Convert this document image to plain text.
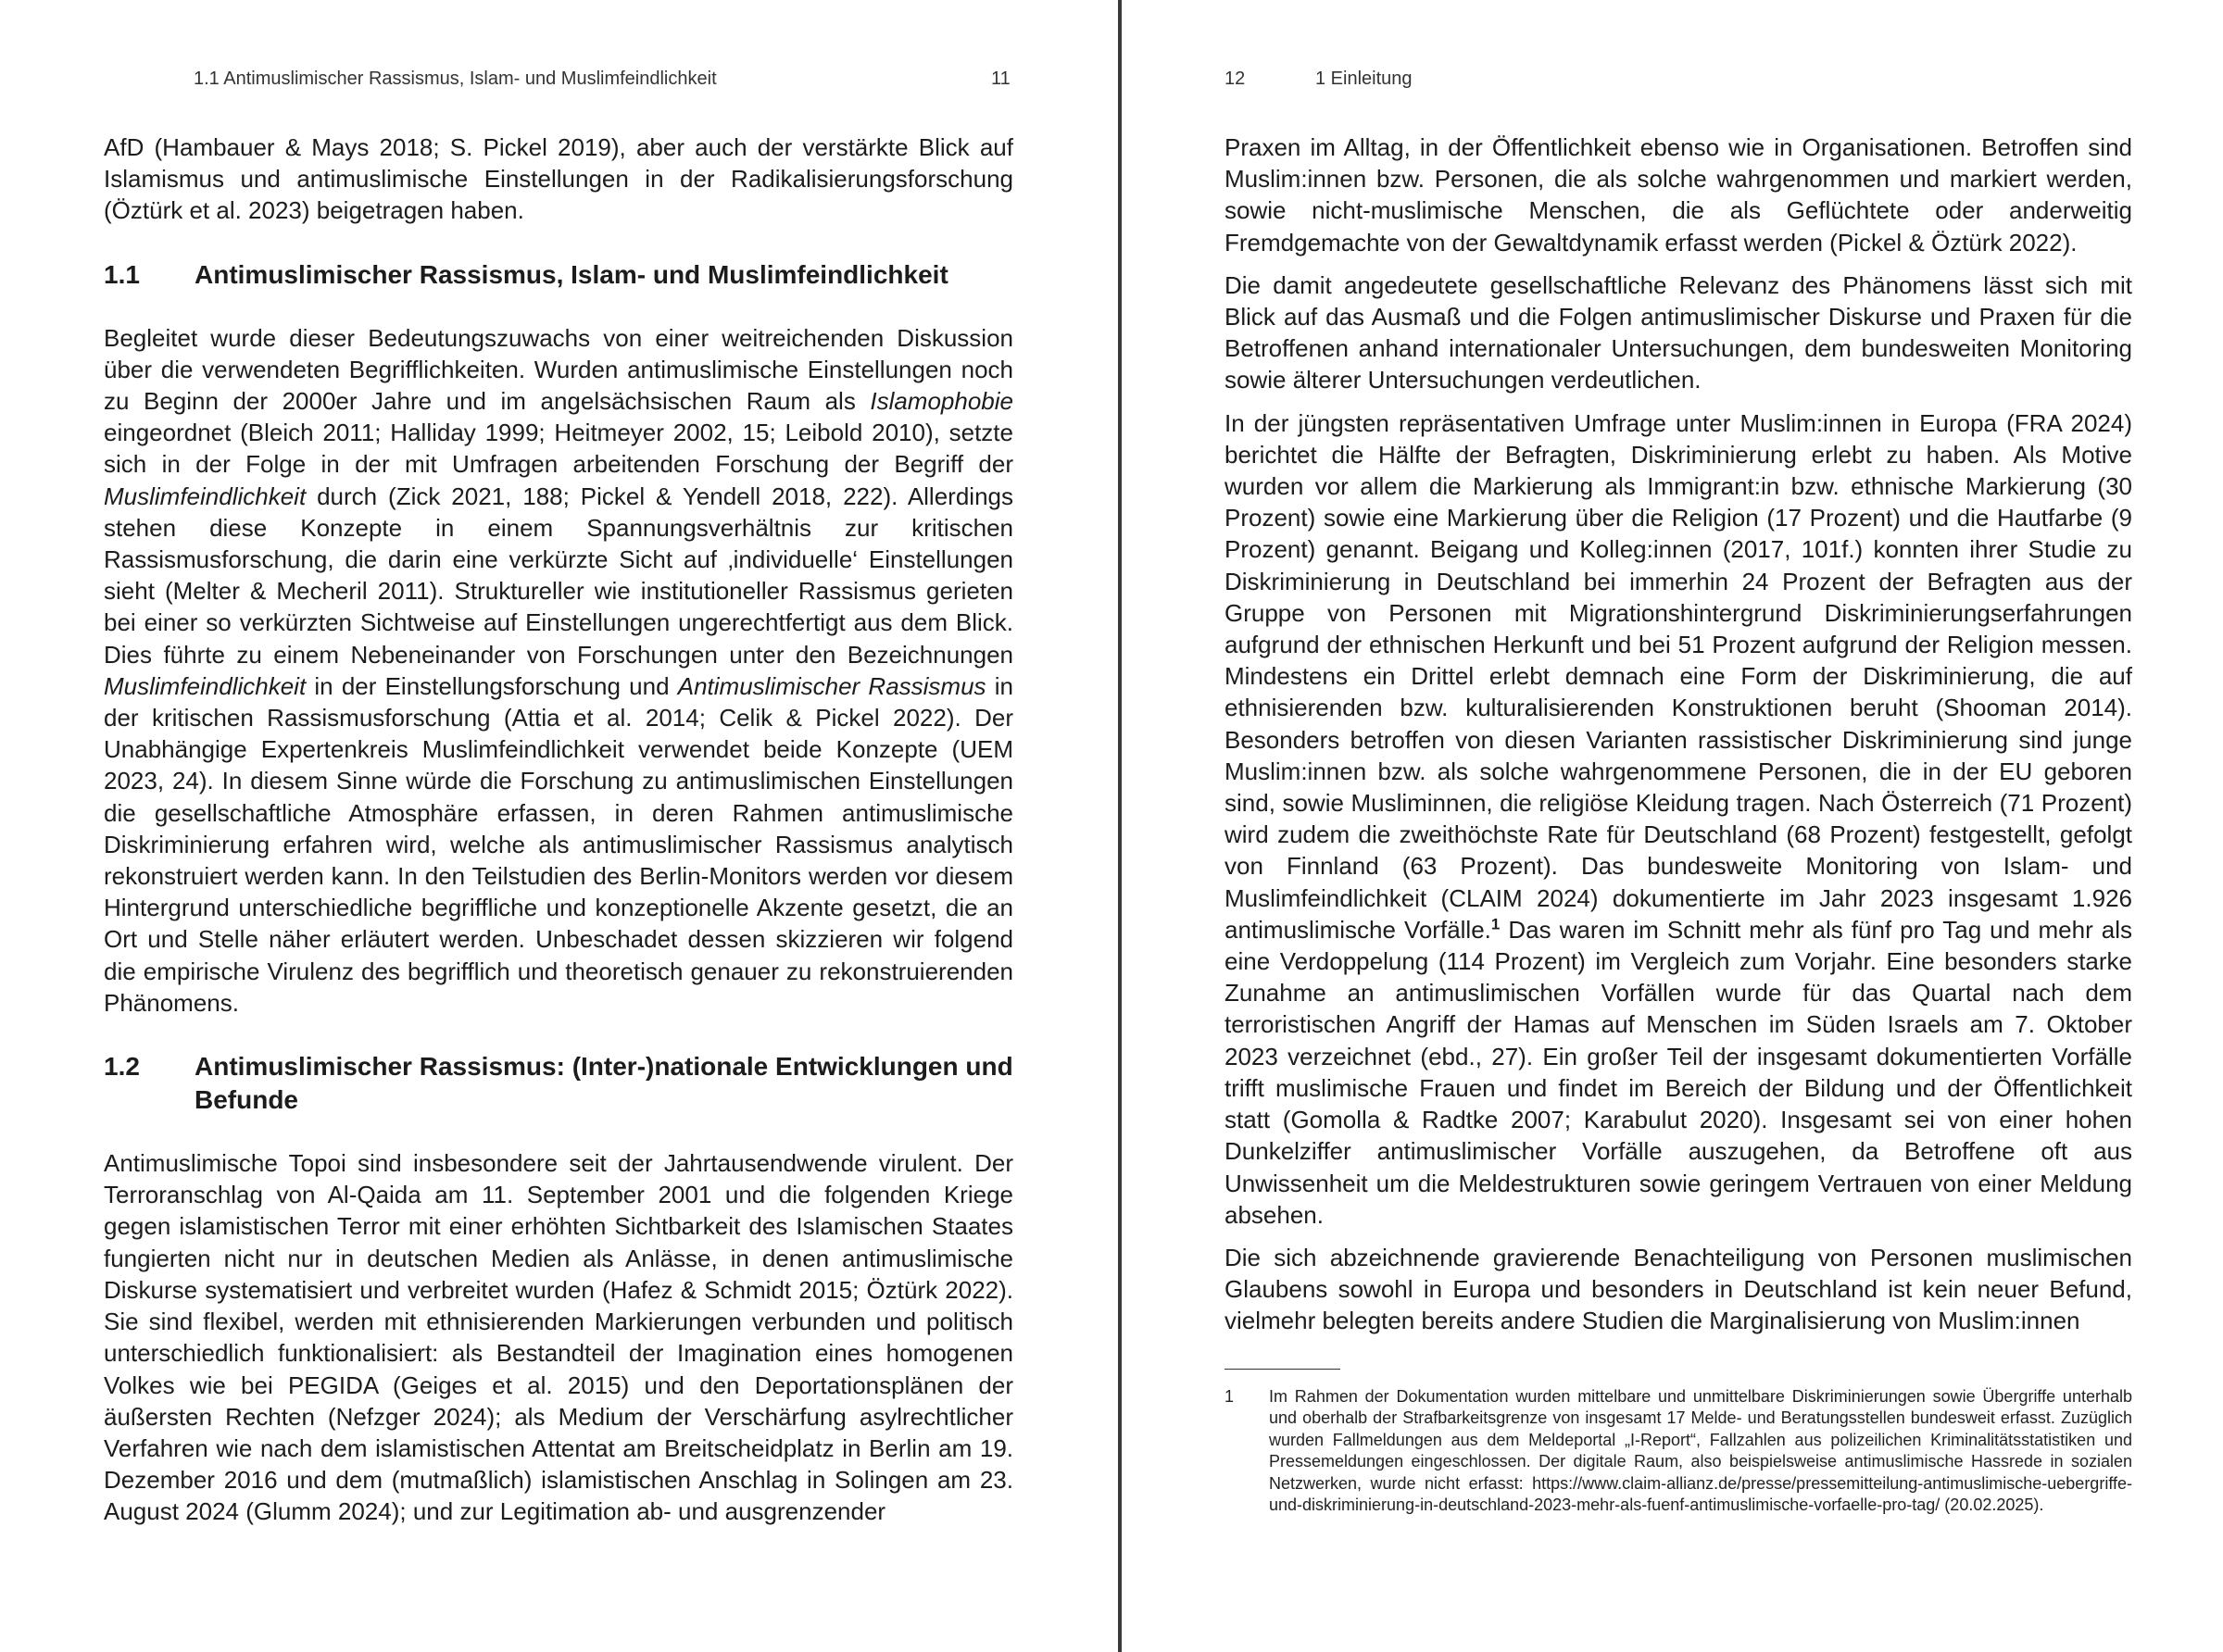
1.1 Antimuslimischer Rassismus, Islam- und Muslimfeindlichkeit	11

AfD (Hambauer & Mays 2018; S. Pickel 2019), aber auch der verstärkte Blick auf Islamismus und antimuslimische Einstellungen in der Radikalisierungsforschung (Öztürk et al. 2023) beigetragen haben.

1.1	Antimuslimischer Rassismus, Islam- und Muslimfeindlichkeit

Begleitet wurde dieser Bedeutungszuwachs von einer weitreichenden Diskussion über die verwendeten Begrifflichkeiten. Wurden antimuslimische Einstellungen noch zu Beginn der 2000er Jahre und im angelsächsischen Raum als Islamophobie eingeordnet (Bleich 2011; Halliday 1999; Heitmeyer 2002, 15; Leibold 2010), setzte sich in der Folge in der mit Umfragen arbeitenden Forschung der Begriff der Muslimfeindlichkeit durch (Zick 2021, 188; Pickel & Yendell 2018, 222). Allerdings stehen diese Konzepte in einem Spannungsverhältnis zur kritischen Rassismusforschung, die darin eine verkürzte Sicht auf ‚individuelle‘ Einstellungen sieht (Melter & Mecheril 2011). Struktureller wie institutioneller Rassismus gerieten bei einer so verkürzten Sichtweise auf Einstellungen ungerechtfertigt aus dem Blick. Dies führte zu einem Nebeneinander von Forschungen unter den Bezeichnungen Muslimfeindlichkeit in der Einstellungsforschung und Antimuslimischer Rassismus in der kritischen Rassismusforschung (Attia et al. 2014; Celik & Pickel 2022). Der Unabhängige Expertenkreis Muslimfeindlichkeit verwendet beide Konzepte (UEM 2023, 24). In diesem Sinne würde die Forschung zu antimuslimischen Einstellungen die gesellschaftliche Atmosphäre erfassen, in deren Rahmen antimuslimische Diskriminierung erfahren wird, welche als antimuslimischer Rassismus analytisch rekonstruiert werden kann. In den Teilstudien des Berlin-Monitors werden vor diesem Hintergrund unterschiedliche begriffliche und konzeptionelle Akzente gesetzt, die an Ort und Stelle näher erläutert werden. Unbeschadet dessen skizzieren wir folgend die empirische Virulenz des begrifflich und theoretisch genauer zu rekonstruierenden Phänomens.

1.2	Antimuslimischer Rassismus: (Inter-)nationale Entwicklungen und Befunde

Antimuslimische Topoi sind insbesondere seit der Jahrtausendwende virulent. Der Terroranschlag von Al-Qaida am 11. September 2001 und die folgenden Kriege gegen islamistischen Terror mit einer erhöhten Sichtbarkeit des Islamischen Staates fungierten nicht nur in deutschen Medien als Anlässe, in denen antimuslimische Diskurse systematisiert und verbreitet wurden (Hafez & Schmidt 2015; Öztürk 2022). Sie sind flexibel, werden mit ethnisierenden Markierungen verbunden und politisch unterschiedlich funktionalisiert: als Bestandteil der Imagination eines homogenen Volkes wie bei PEGIDA (Geiges et al. 2015) und den Deportationsplänen der äußersten Rechten (Nefzger 2024); als Medium der Verschärfung asylrechtlicher Verfahren wie nach dem islamistischen Attentat am Breitscheidplatz in Berlin am 19. Dezember 2016 und dem (mutmaßlich) islamistischen Anschlag in Solingen am 23. August 2024 (Glumm 2024); und zur Legitimation ab- und ausgrenzender

12	1 Einleitung

Praxen im Alltag, in der Öffentlichkeit ebenso wie in Organisationen. Betroffen sind Muslim:innen bzw. Personen, die als solche wahrgenommen und markiert werden, sowie nicht-muslimische Menschen, die als Geflüchtete oder anderweitig Fremdgemachte von der Gewaltdynamik erfasst werden (Pickel & Öztürk 2022).

Die damit angedeutete gesellschaftliche Relevanz des Phänomens lässt sich mit Blick auf das Ausmaß und die Folgen antimuslimischer Diskurse und Praxen für die Betroffenen anhand internationaler Untersuchungen, dem bundesweiten Monitoring sowie älterer Untersuchungen verdeutlichen.

In der jüngsten repräsentativen Umfrage unter Muslim:innen in Europa (FRA 2024) berichtet die Hälfte der Befragten, Diskriminierung erlebt zu haben. Als Motive wurden vor allem die Markierung als Immigrant:in bzw. ethnische Markierung (30 Prozent) sowie eine Markierung über die Religion (17 Prozent) und die Hautfarbe (9 Prozent) genannt. Beigang und Kolleg:innen (2017, 101f.) konnten ihrer Studie zu Diskriminierung in Deutschland bei immerhin 24 Prozent der Befragten aus der Gruppe von Personen mit Migrationshintergrund Diskriminierungserfahrungen aufgrund der ethnischen Herkunft und bei 51 Prozent aufgrund der Religion messen. Mindestens ein Drittel erlebt demnach eine Form der Diskriminierung, die auf ethnisierenden bzw. kulturalisierenden Konstruktionen beruht (Shooman 2014). Besonders betroffen von diesen Varianten rassistischer Diskriminierung sind junge Muslim:innen bzw. als solche wahrgenommene Personen, die in der EU geboren sind, sowie Musliminnen, die religiöse Kleidung tragen. Nach Österreich (71 Prozent) wird zudem die zweithöchste Rate für Deutschland (68 Prozent) festgestellt, gefolgt von Finnland (63 Prozent). Das bundesweite Monitoring von Islam- und Muslimfeindlichkeit (CLAIM 2024) dokumentierte im Jahr 2023 insgesamt 1.926 antimuslimische Vorfälle.$^1$ Das waren im Schnitt mehr als fünf pro Tag und mehr als eine Verdoppelung (114 Prozent) im Vergleich zum Vorjahr. Eine besonders starke Zunahme an antimuslimischen Vorfällen wurde für das Quartal nach dem terroristischen Angriff der Hamas auf Menschen im Süden Israels am 7. Oktober 2023 verzeichnet (ebd., 27). Ein großer Teil der insgesamt dokumentierten Vorfälle trifft muslimische Frauen und findet im Bereich der Bildung und der Öffentlichkeit statt (Gomolla & Radtke 2007; Karabulut 2020). Insgesamt sei von einer hohen Dunkelziffer antimuslimischer Vorfälle auszugehen, da Betroffene oft aus Unwissenheit um die Meldestrukturen sowie geringem Vertrauen von einer Meldung absehen.

Die sich abzeichnende gravierende Benachteiligung von Personen muslimischen Glaubens sowohl in Europa und besonders in Deutschland ist kein neuer Befund, vielmehr belegten bereits andere Studien die Marginalisierung von Muslim:innen

1	Im Rahmen der Dokumentation wurden mittelbare und unmittelbare Diskriminierungen sowie Übergriffe unterhalb und oberhalb der Strafbarkeitsgrenze von insgesamt 17 Melde- und Beratungsstellen bundesweit erfasst. Zuzüglich wurden Fallmeldungen aus dem Meldeportal „I-Report“, Fallzahlen aus polizeilichen Kriminalitätsstatistiken und Pressemeldungen eingeschlossen. Der digitale Raum, also beispielsweise antimuslimische Hassrede in sozialen Netzwerken, wurde nicht erfasst: https://www.claim-allianz.de/presse/pressemitteilung-antimuslimische-uebergriffe-und-diskriminierung-in-deutschland-2023-mehr-als-fuenf-antimuslimische-vorfaelle-pro-tag/ (20.02.2025).
